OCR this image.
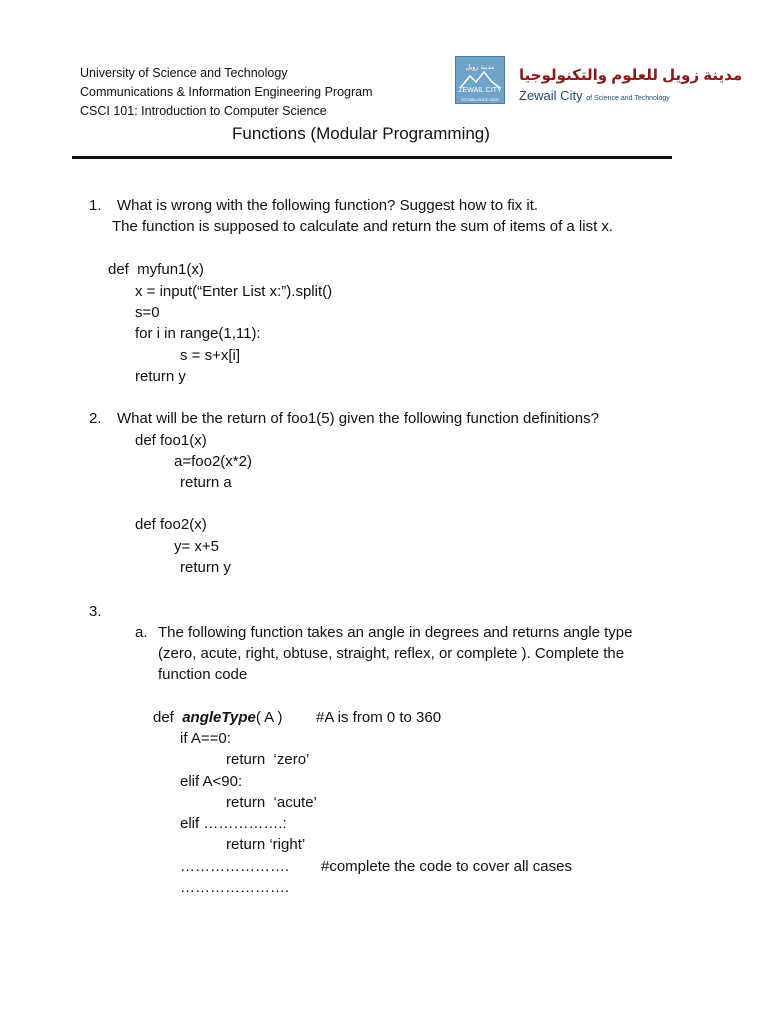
University of Science and Technology
Communications & Information Engineering Program
CSCI 101: Introduction to Computer Science
مدينة زويل
ZEWAIL CITY
ESTABLISHED 2000
مدينة زويل للعلوم والتكنولوجيا
Zewail City of Science and Technology
Functions (Modular Programming)
1. What is wrong with the following function? Suggest how to fix it.
The function is supposed to calculate and return the sum of items of a list x.
def  myfun1(x)
x = input(“Enter List x:”).split()
s=0
for i in range(1,11):
s = s+x[i]
return y
2. What will be the return of foo1(5) given the following function definitions?
def foo1(x)
a=foo2(x*2)
return a
def foo2(x)
y= x+5
return y
3.
a. The following function takes an angle in degrees and returns angle type
(zero, acute, right, obtuse, straight, reflex, or complete ). Complete the
function code
def angleType( A ) #A is from 0 to 360
if A==0:
return  ‘zero’
elif A<90:
return  ‘acute’
elif …………….:
return ‘right’
…………………. #complete the code to cover all cases
………………….
